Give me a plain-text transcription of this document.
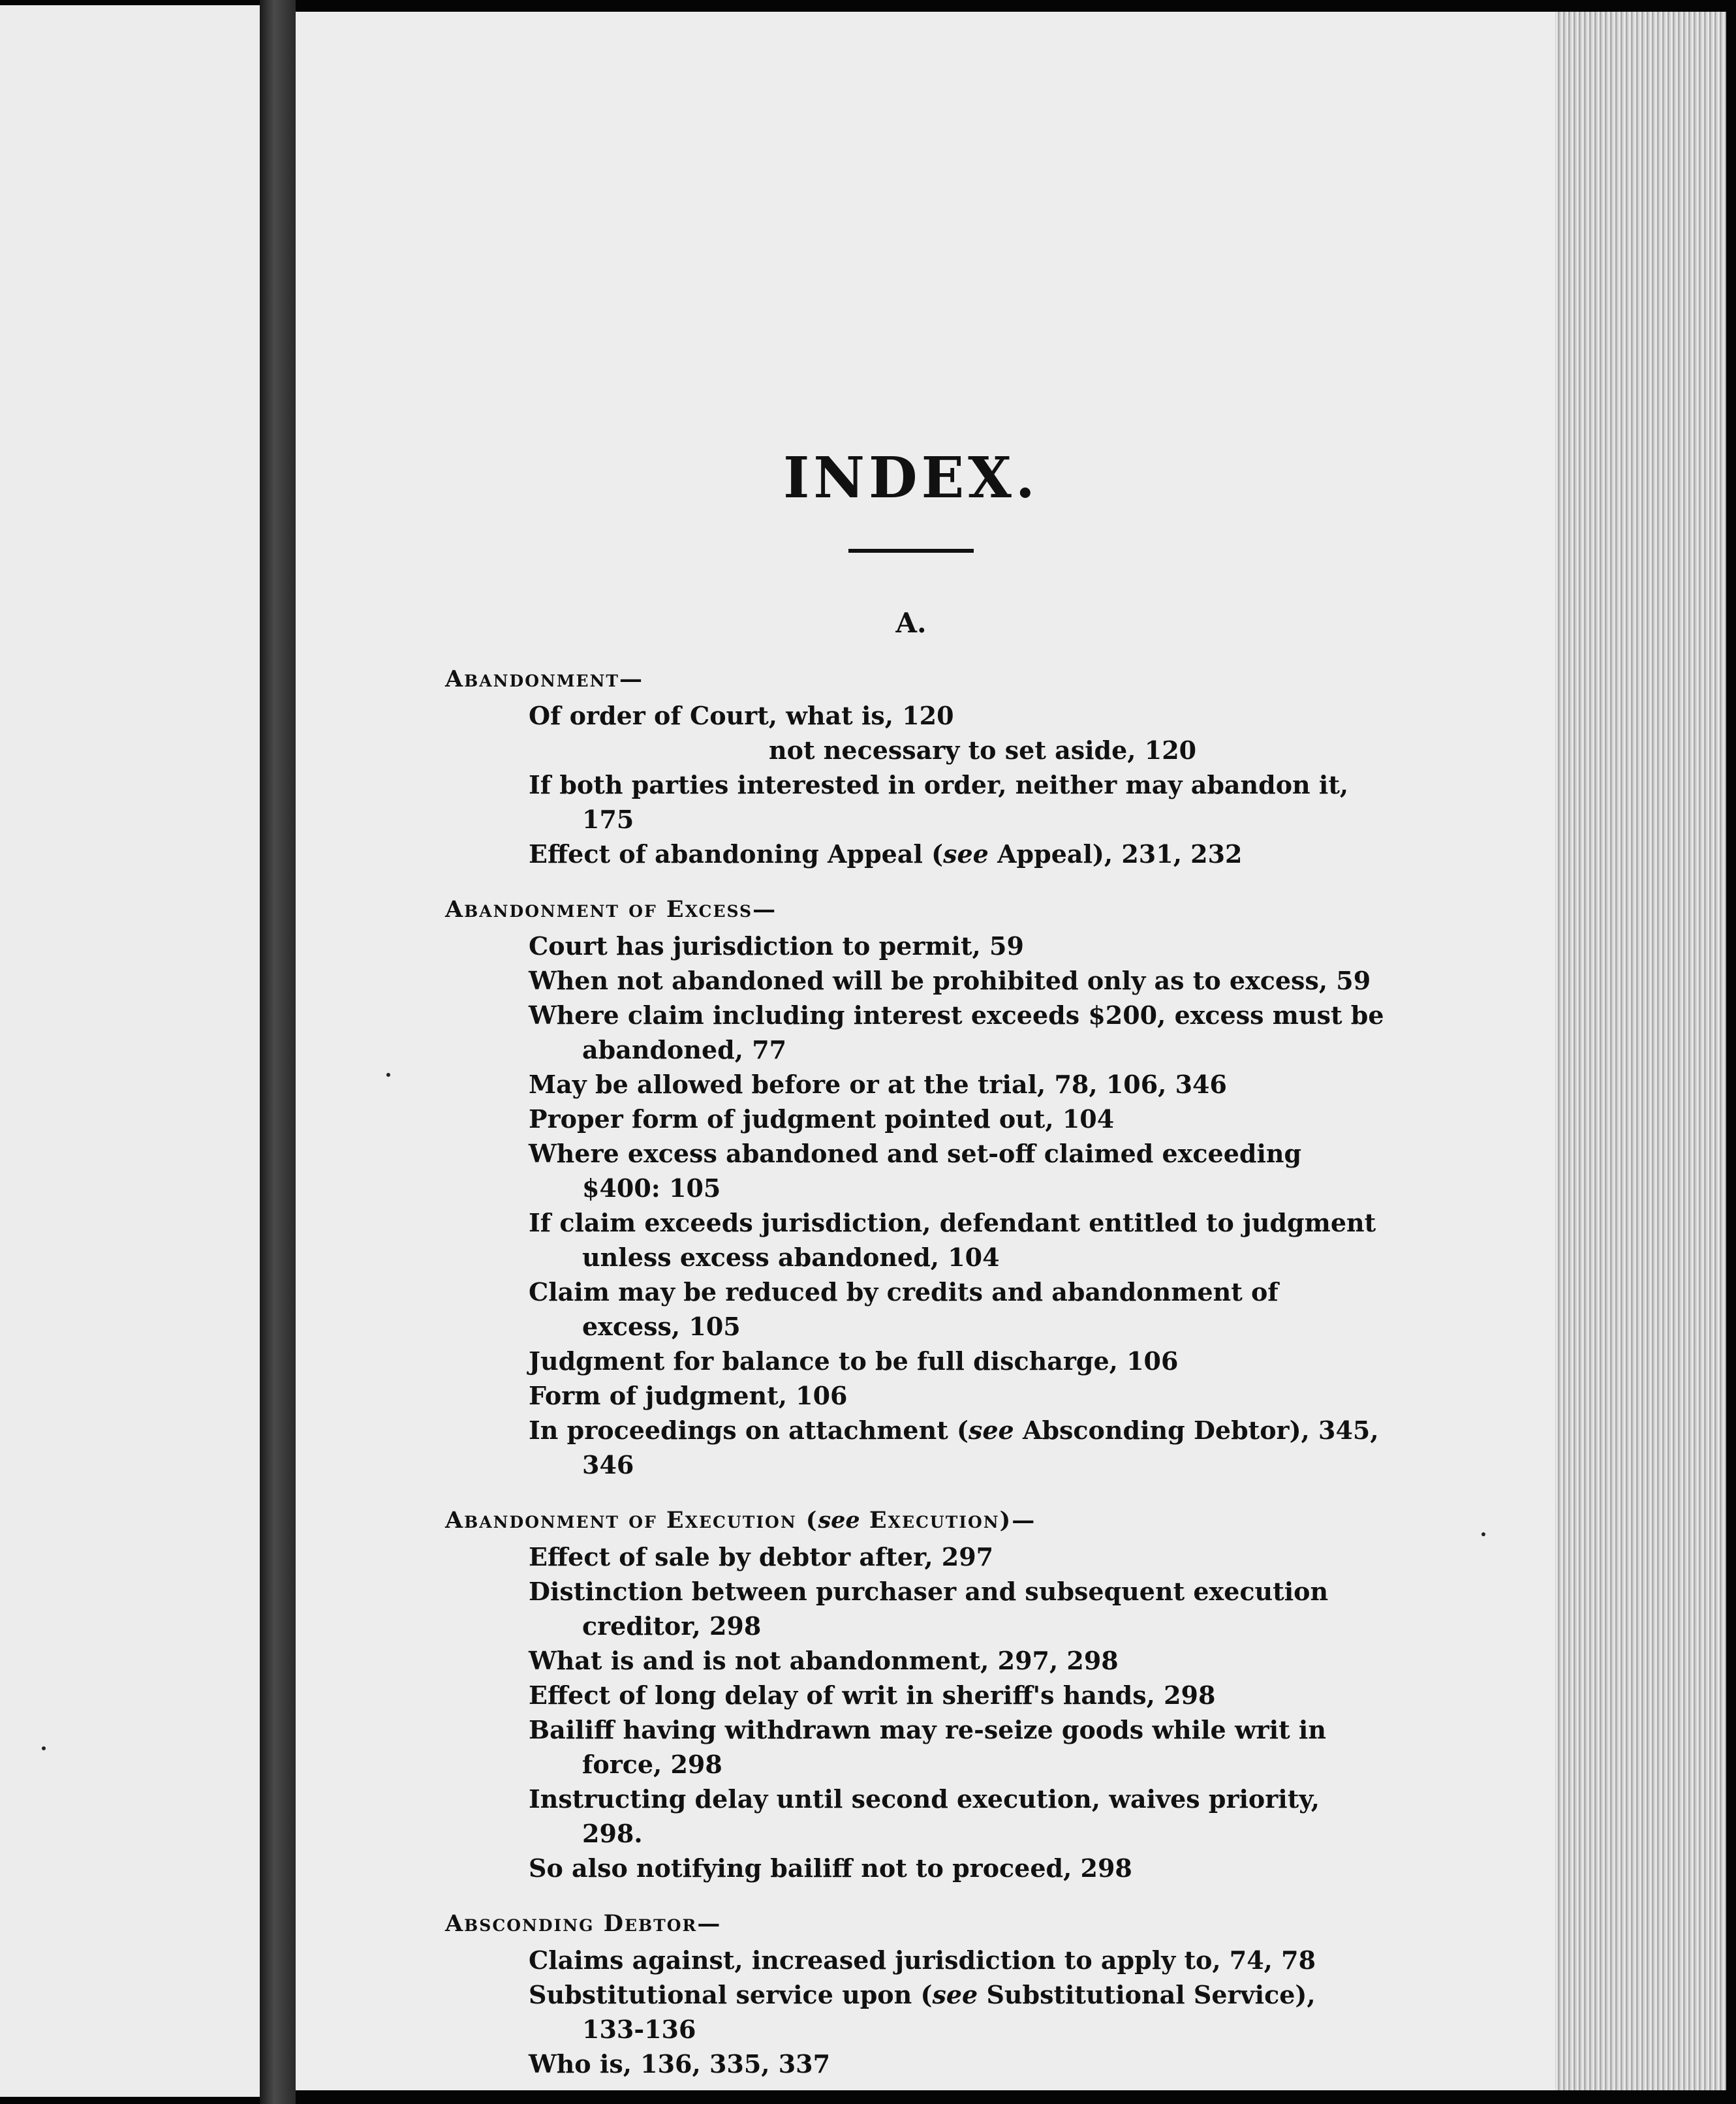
INDEX.
A.

Abandonment—

Of order of Court, what is, 120

not necessary to set aside, 120

If both parties interested in order, neither may abandon it, 175

Effect of abandoning Appeal (see Appeal), 231, 232

Abandonment of Excess—

Court has jurisdiction to permit, 59

When not abandoned will be prohibited only as to excess, 59

Where claim including interest exceeds $200, excess must be abandoned, 77

May be allowed before or at the trial, 78, 106, 346

Proper form of judgment pointed out, 104

Where excess abandoned and set-off claimed exceeding $400: 105

If claim exceeds jurisdiction, defendant entitled to judgment unless excess abandoned, 104

Claim may be reduced by credits and abandonment of excess, 105

Judgment for balance to be full discharge, 106

Form of judgment, 106

In proceedings on attachment (see Absconding Debtor), 345, 346

Abandonment of Execution (see Execution)—

Effect of sale by debtor after, 297

Distinction between purchaser and subsequent execution creditor, 298

What is and is not abandonment, 297, 298

Effect of long delay of writ in sheriff's hands, 298

Bailiff having withdrawn may re-seize goods while writ in force, 298

Instructing delay until second execution, waives priority, 298.

So also notifying bailiff not to proceed, 298

Absconding Debtor—

Claims against, increased jurisdiction to apply to, 74, 78

Substitutional service upon (see Substitutional Service), 133-136

Who is, 136, 335, 337
